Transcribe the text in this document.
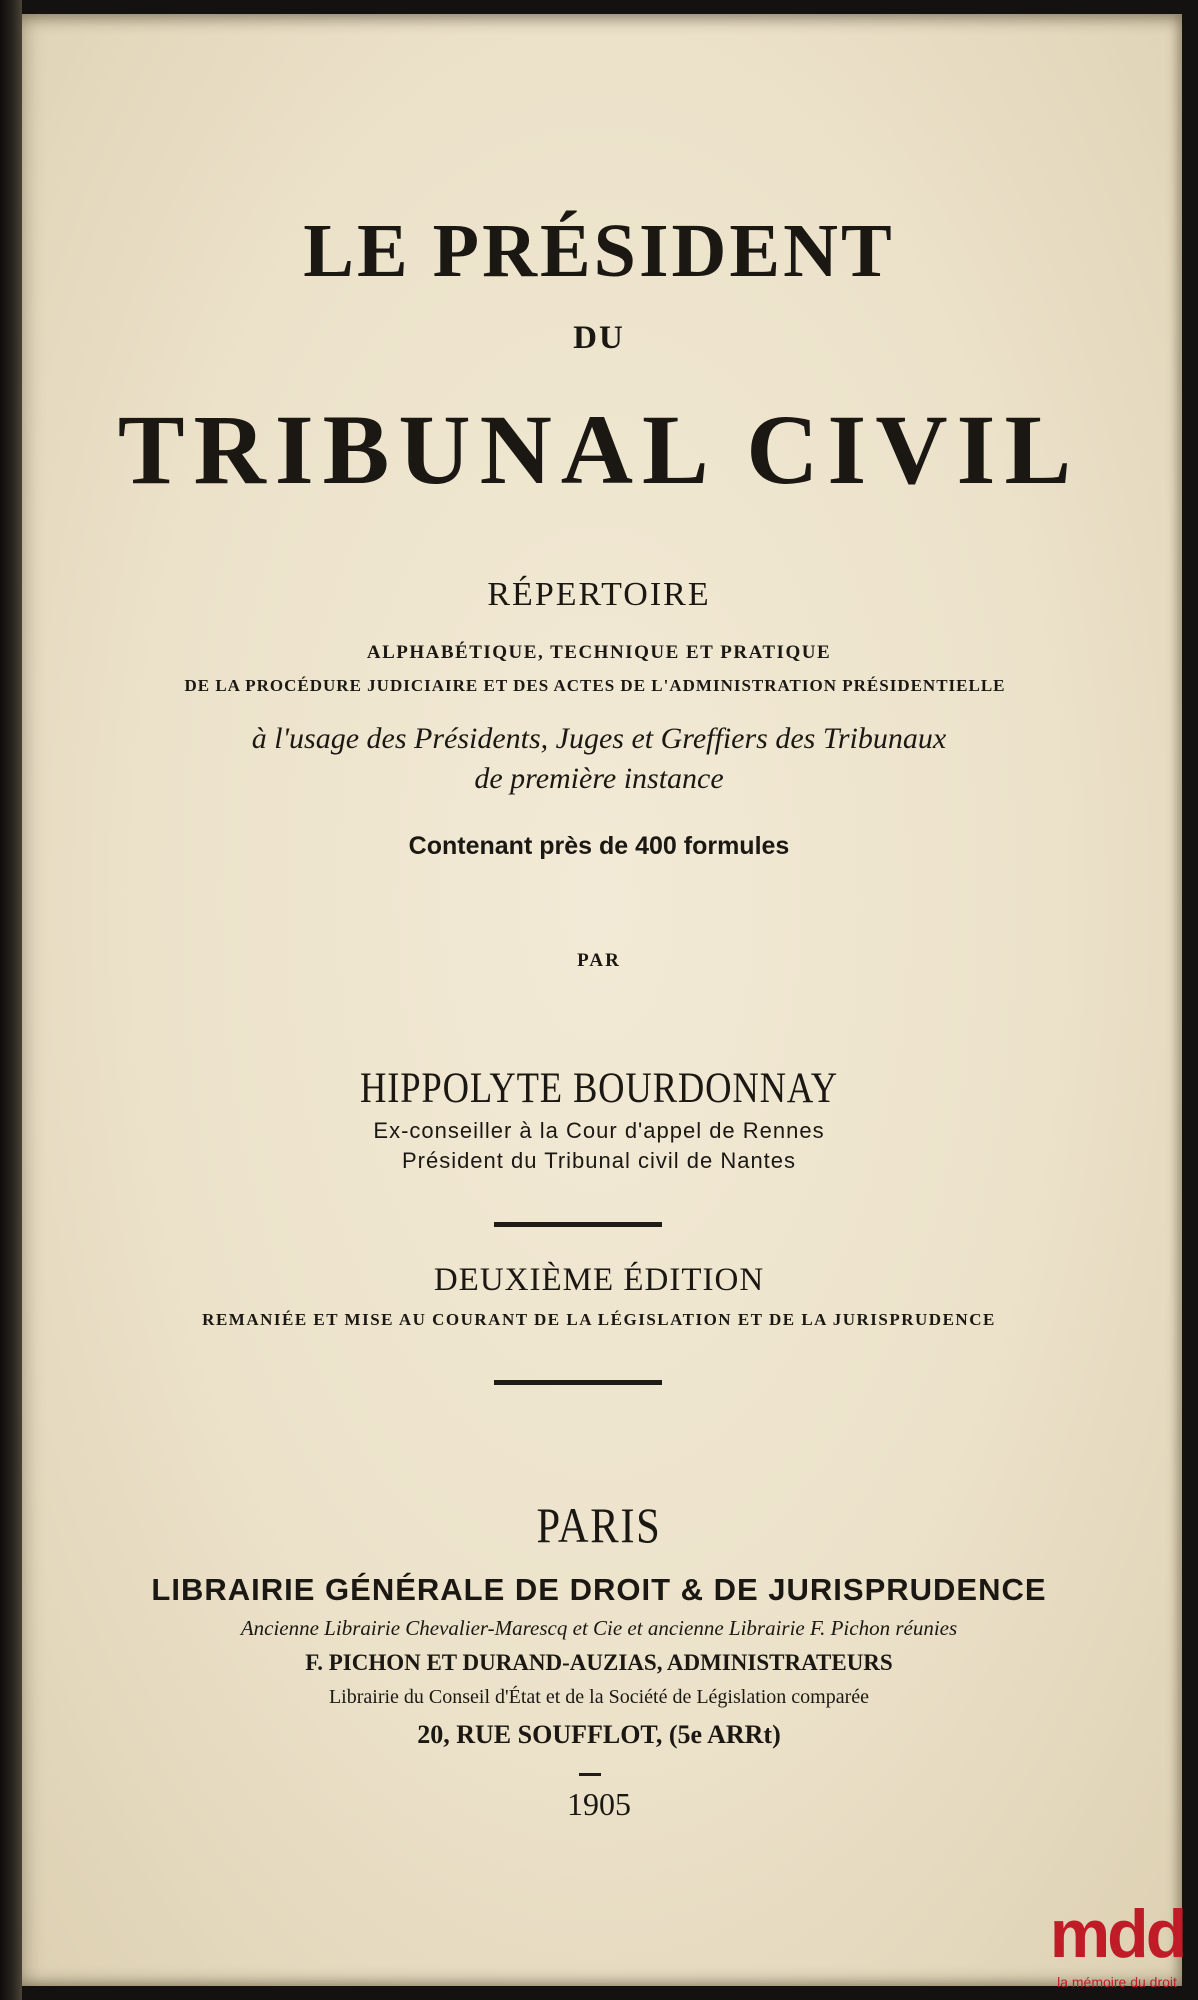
LE PRÉSIDENT
DU
TRIBUNAL CIVIL
RÉPERTOIRE
ALPHABÉTIQUE, TECHNIQUE ET PRATIQUE
DE LA PROCÉDURE JUDICIAIRE ET DES ACTES DE L'ADMINISTRATION PRÉSIDENTIELLE
à l'usage des Présidents, Juges et Greffiers des Tribunaux
de première instance
Contenant près de 400 formules
PAR
HIPPOLYTE BOURDONNAY
Ex-conseiller à la Cour d'appel de Rennes
Président du Tribunal civil de Nantes
DEUXIÈME ÉDITION
REMANIÉE ET MISE AU COURANT DE LA LÉGISLATION ET DE LA JURISPRUDENCE
PARIS
LIBRAIRIE GÉNÉRALE DE DROIT & DE JURISPRUDENCE
Ancienne Librairie Chevalier-Marescq et Cie et ancienne Librairie F. Pichon réunies
F. PICHON ET DURAND-AUZIAS, ADMINISTRATEURS
Librairie du Conseil d'État et de la Société de Législation comparée
20, RUE SOUFFLOT, (5e ARRt)
1905
mdd
la mémoire du droit
